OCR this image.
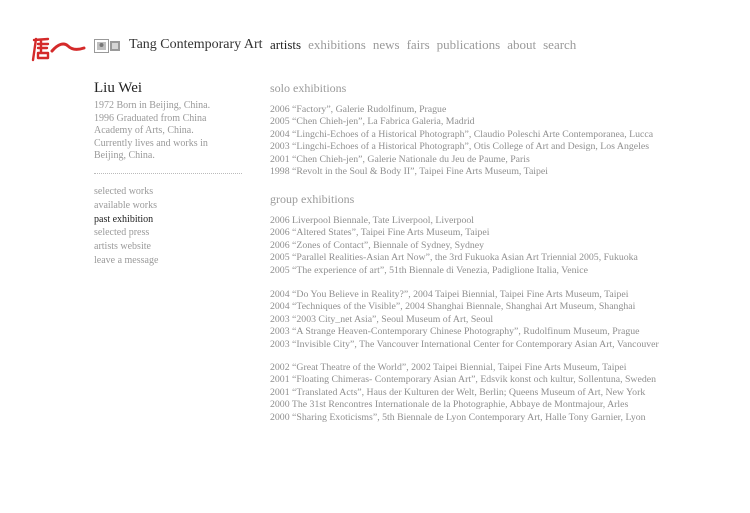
Tang Contemporary Art artists exhibitions news fairs publications about search
Liu Wei
1972 Born in Beijing, China.
1996 Graduated from China
Academy of Arts, China.
Currently lives and works in
Beijing, China.
selected works
available works
past exhibition
selected press
artists website
leave a message
solo exhibitions
2006 “Factory”, Galerie Rudolfinum, Prague
2005 “Chen Chieh-jen”, La Fabrica Galeria, Madrid
2004 “Lingchi-Echoes of a Historical Photograph”, Claudio Poleschi Arte Contemporanea, Lucca
2003 “Lingchi-Echoes of a Historical Photograph”, Otis College of Art and Design, Los Angeles
2001 “Chen Chieh-jen”, Galerie Nationale du Jeu de Paume, Paris
1998 “Revolt in the Soul & Body II”, Taipei Fine Arts Museum, Taipei
group exhibitions
2006 Liverpool Biennale, Tate Liverpool, Liverpool
2006 “Altered States”, Taipei Fine Arts Museum, Taipei
2006 “Zones of Contact”, Biennale of Sydney, Sydney
2005 “Parallel Realities-Asian Art Now”, the 3rd Fukuoka Asian Art Triennial 2005, Fukuoka
2005 “The experience of art”, 51th Biennale di Venezia, Padiglione Italia, Venice
2004 “Do You Believe in Reality?”, 2004 Taipei Biennial, Taipei Fine Arts Museum, Taipei
2004 “Techniques of the Visible”, 2004 Shanghai Biennale, Shanghai Art Museum, Shanghai
2003 “2003 City_net Asia”, Seoul Museum of Art, Seoul
2003 “A Strange Heaven-Contemporary Chinese Photography”, Rudolfinum Museum, Prague
2003 “Invisible City”, The Vancouver International Center for Contemporary Asian Art, Vancouver
2002 “Great Theatre of the World”, 2002 Taipei Biennial, Taipei Fine Arts Museum, Taipei
2001 “Floating Chimeras- Contemporary Asian Art”, Edsvik konst och kultur, Sollentuna, Sweden
2001 “Translated Acts”, Haus der Kulturen der Welt, Berlin; Queens Museum of Art, New York
2000 The 31st Rencontres Internationale de la Photographie, Abbaye de Montmajour, Arles
2000 “Sharing Exoticisms”, 5th Biennale de Lyon Contemporary Art, Halle Tony Garnier, Lyon
